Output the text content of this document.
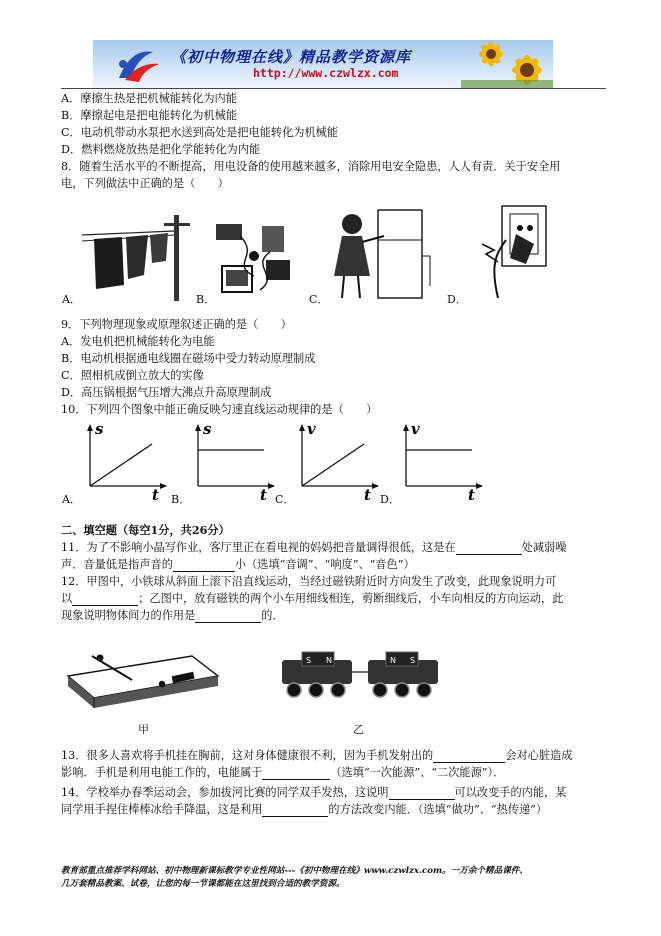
《初中物理在线》精品教学资源库
http://www.czwlzx.com
A．摩擦生热是把机械能转化为内能
B．摩擦起电是把电能转化为机械能
C．电动机带动水泵把水送到高处是把电能转化为机械能
D．燃料燃烧放热是把化学能转化为内能
8．随着生活水平的不断提高，用电设备的使用越来越多，消除用电安全隐患，人人有责．关于安全用
电，下列做法中正确的是（　　）
A．	B．	C．	D．
9．下列物理现象或原理叙述正确的是（　　）
A．发电机把机械能转化为电能
B．电动机根据通电线圈在磁场中受力转动原理制成
C．照相机成倒立放大的实像
D．高压锅根据气压增大沸点升高原理制成
10．下列四个图象中能正确反映匀速直线运动规律的是（　　）
s
t
s
t
v
t
v
t
A．	B．	C．	D．
二、填空题（每空1分，共26分）
11．为了不影响小晶写作业，客厅里正在看电视的妈妈把音量调得很低，这是在	处减弱噪
声．音量低是指声音的	小（选填“音调”、“响度”、“音色”）
12．甲图中，小铁球从斜面上滚下沿直线运动，当经过磁铁附近时方向发生了改变，此现象说明力可
以	；乙图中，放有磁铁的两个小车用细线相连，剪断细线后，小车向相反的方向运动，此
现象说明物体间力的作用是	的．
甲
S N	N S
乙
13．很多人喜欢将手机挂在胸前，这对身体健康很不利，因为手机发射出的	会对心脏造成
影响．手机是利用电能工作的，电能属于	（选填“一次能源”、“二次能源”）．
14．学校举办春季运动会，参加拔河比赛的同学双手发热，这说明	可以改变手的内能，某
同学用手捏住棒棒冰给手降温，这是利用	的方法改变内能．（选填“做功”、“热传递”）
教育部重点推荐学科网站、初中物理新课标教学专业性网站---《初中物理在线》www.czwlzx.com。一万余个精品课件、
几万套精品教案、试卷，让您的每一节课都能在这里找到合适的教学资源。
